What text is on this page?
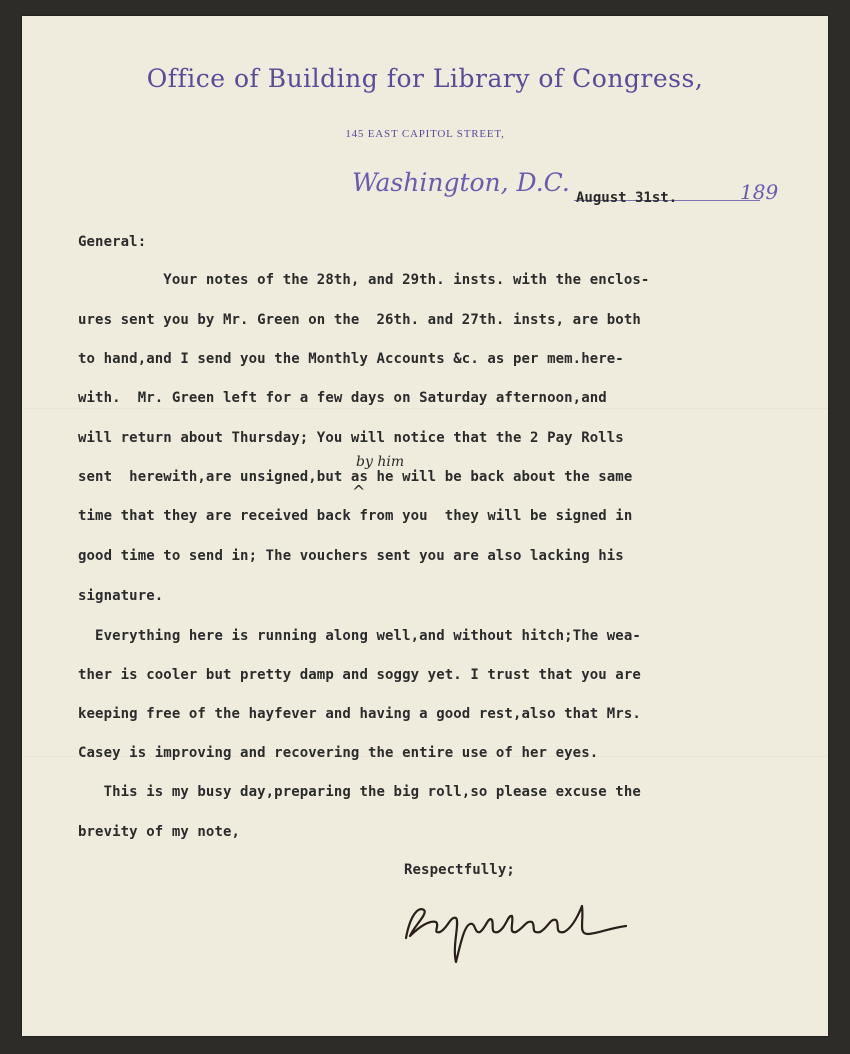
Office of Building for Library of Congress,
145 EAST CAPITOL STREET,
Washington, D.C.
August 31st.	189
General:
Your notes of the 28th, and 29th. insts. with the enclos-
ures sent you by Mr. Green on the  26th. and 27th. insts, are both
to hand,and I send you the Monthly Accounts &c. as per mem.here-
with.  Mr. Green left for a few days on Saturday afternoon,and
will return about Thursday; You will notice that the 2 Pay Rolls
sent  herewith,are unsigned,but as he will be back about the same
time that they are received back from you  they will be signed in
good time to send in; The vouchers sent you are also lacking his
signature.
Everything here is running along well,and without hitch;The wea-
ther is cooler but pretty damp and soggy yet. I trust that you are
keeping free of the hayfever and having a good rest,also that Mrs.
Casey is improving and recovering the entire use of her eyes.
This is my busy day,preparing the big roll,so please excuse the
brevity of my note,
by him
^
Respectfully;
